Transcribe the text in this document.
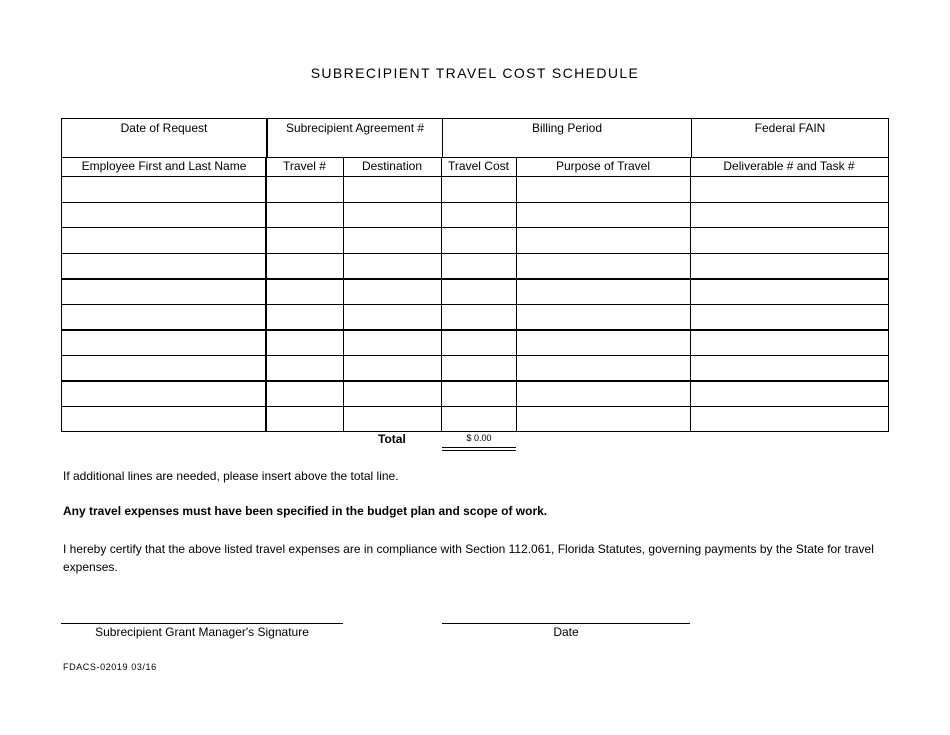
SUBRECIPIENT TRAVEL COST SCHEDULE
Date of Request	Subrecipient Agreement #	Billing Period	Federal FAIN
Employee First and Last Name	Travel #	Destination	Travel Cost	Purpose of Travel	Deliverable # and Task #
Total	$ 0.00
If additional lines are needed, please insert above the total line.
Any travel expenses must have been specified in the budget plan and scope of work.
I hereby certify that the above listed travel expenses are in compliance with Section 112.061, Florida Statutes, governing payments by the State for travel expenses.
Subrecipient Grant Manager's Signature	Date
FDACS-02019 03/16
